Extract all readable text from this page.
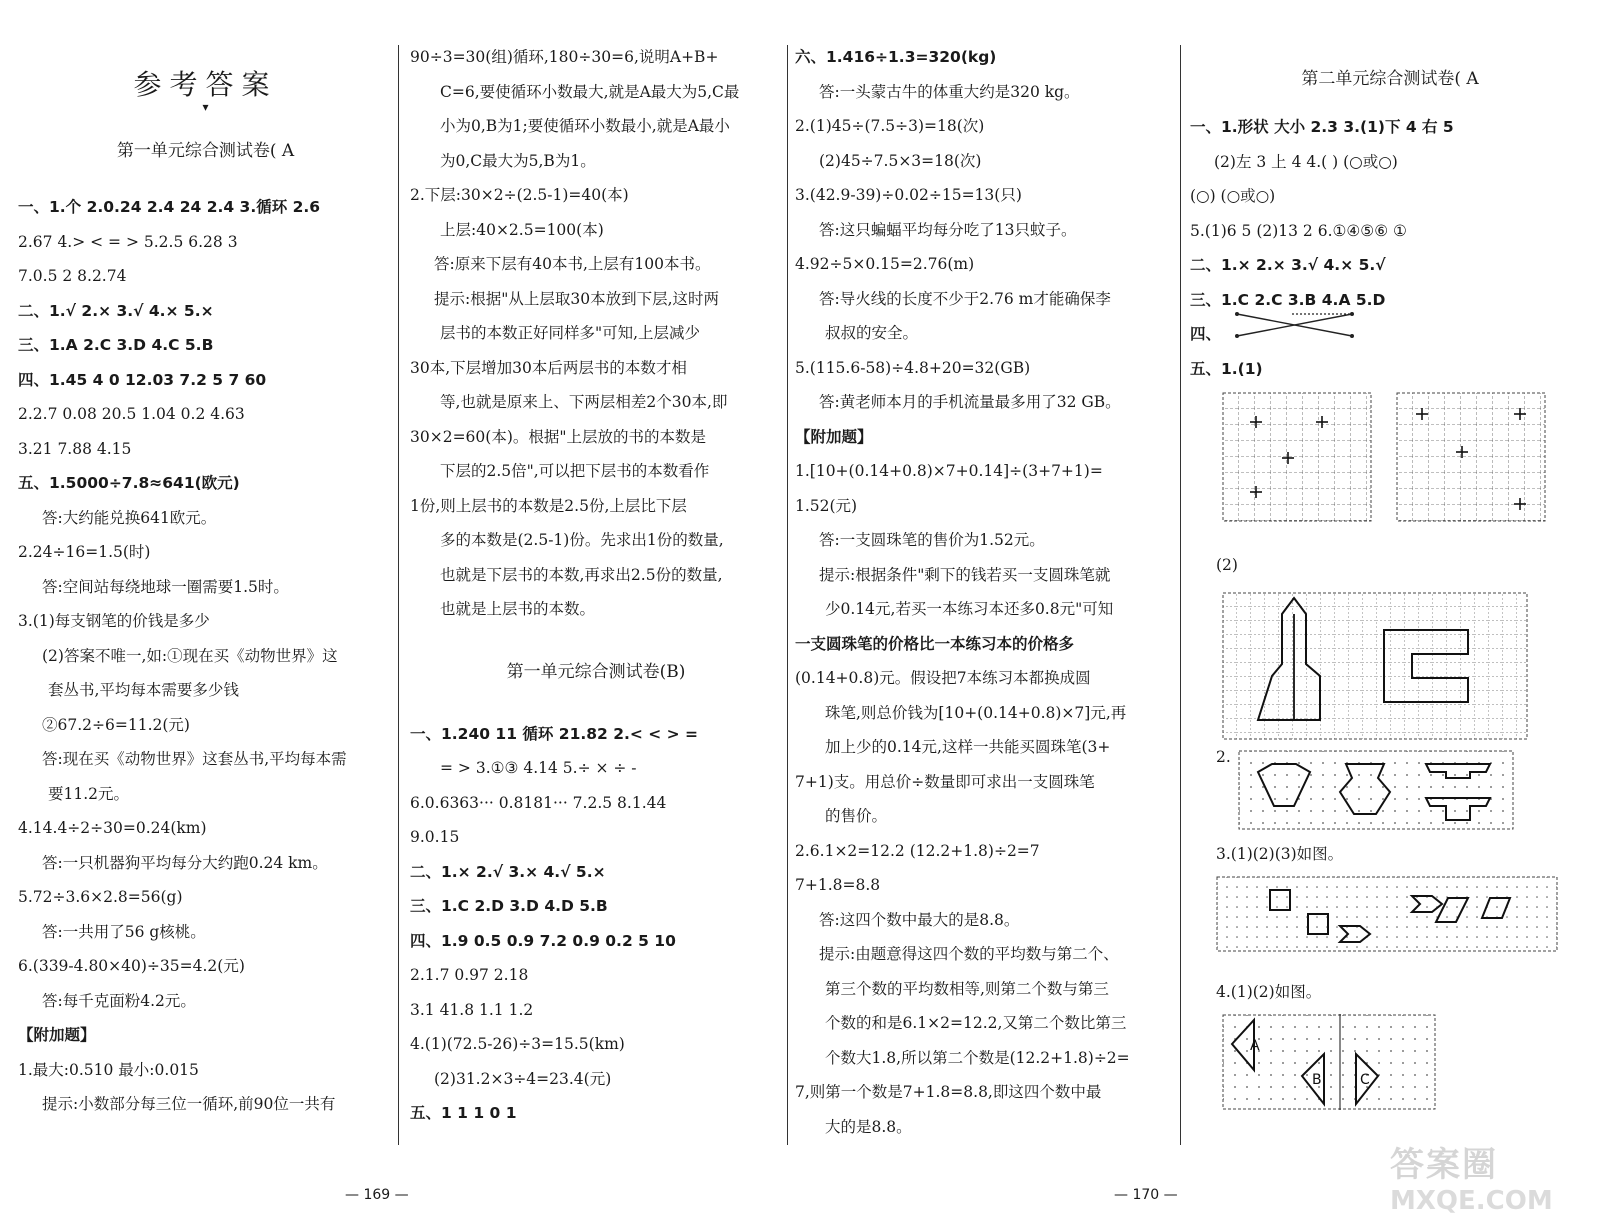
参考答案
▾
第一单元综合测试卷( A
一、1.个 2.0.24 2.4 24 2.4 3.循环 2.6
2.67 4.> < = > 5.2.5 6.28 3
7.0.5 2 8.2.74
二、1.√ 2.× 3.√ 4.× 5.×
三、1.A 2.C 3.D 4.C 5.B
四、1.45 4 0 12.03 7.2 5 7 60
2.2.7 0.08 20.5 1.04 0.2 4.63
3.21 7.88 4.15
五、1.5000÷7.8≈641(欧元)
答:大约能兑换641欧元。
2.24÷16=1.5(时)
答:空间站每绕地球一圈需要1.5时。
3.(1)每支钢笔的价钱是多少
(2)答案不唯一,如:①现在买《动物世界》这
套丛书,平均每本需要多少钱
②67.2÷6=11.2(元)
答:现在买《动物世界》这套丛书,平均每本需
要11.2元。
4.14.4÷2÷30=0.24(km)
答:一只机器狗平均每分大约跑0.24 km。
5.72÷3.6×2.8=56(g)
答:一共用了56 g核桃。
6.(339-4.80×40)÷35=4.2(元)
答:每千克面粉4.2元。
【附加题】
1.最大:0.510 最小:0.015
提示:小数部分每三位一循环,前90位一共有
90÷3=30(组)循环,180÷30=6,说明A+B+
C=6,要使循环小数最大,就是A最大为5,C最
小为0,B为1;要使循环小数最小,就是A最小
为0,C最大为5,B为1。
2.下层:30×2÷(2.5-1)=40(本)
上层:40×2.5=100(本)
答:原来下层有40本书,上层有100本书。
提示:根据"从上层取30本放到下层,这时两
层书的本数正好同样多"可知,上层减少
30本,下层增加30本后两层书的本数才相
等,也就是原来上、下两层相差2个30本,即
30×2=60(本)。根据"上层放的书的本数是
下层的2.5倍",可以把下层书的本数看作
1份,则上层书的本数是2.5份,上层比下层
多的本数是(2.5-1)份。先求出1份的数量,
也就是下层书的本数,再求出2.5份的数量,
也就是上层书的本数。
第一单元综合测试卷(B)
一、1.240 11 循环 21.82 2.< < > =
= > 3.①③ 4.14 5.÷ × ÷ -
6.0.6363··· 0.8181··· 7.2.5 8.1.44
9.0.15
二、1.× 2.√ 3.× 4.√ 5.×
三、1.C 2.D 3.D 4.D 5.B
四、1.9 0.5 0.9 7.2 0.9 0.2 5 10
2.1.7 0.97 2.18
3.1 41.8 1.1 1.2
4.(1)(72.5-26)÷3=15.5(km)
(2)31.2×3÷4=23.4(元)
五、1 1 1 0 1
六、1.416÷1.3=320(kg)
答:一头蒙古牛的体重大约是320 kg。
2.(1)45÷(7.5÷3)=18(次)
(2)45÷7.5×3=18(次)
3.(42.9-39)÷0.02÷15=13(只)
答:这只蝙蝠平均每分吃了13只蚊子。
4.92÷5×0.15=2.76(m)
答:导火线的长度不少于2.76 m才能确保李
叔叔的安全。
5.(115.6-58)÷4.8+20=32(GB)
答:黄老师本月的手机流量最多用了32 GB。
【附加题】
1.[10+(0.14+0.8)×7+0.14]÷(3+7+1)=
1.52(元)
答:一支圆珠笔的售价为1.52元。
提示:根据条件"剩下的钱若买一支圆珠笔就
少0.14元,若买一本练习本还多0.8元"可知
一支圆珠笔的价格比一本练习本的价格多
(0.14+0.8)元。假设把7本练习本都换成圆
珠笔,则总价钱为[10+(0.14+0.8)×7]元,再
加上少的0.14元,这样一共能买圆珠笔(3+
7+1)支。用总价÷数量即可求出一支圆珠笔
的售价。
2.6.1×2=12.2 (12.2+1.8)÷2=7
7+1.8=8.8
答:这四个数中最大的是8.8。
提示:由题意得这四个数的平均数与第二个、
第三个数的平均数相等,则第二个数与第三
个数的和是6.1×2=12.2,又第二个数比第三
个数大1.8,所以第二个数是(12.2+1.8)÷2=
7,则第一个数是7+1.8=8.8,即这四个数中最
大的是8.8。
第二单元综合测试卷( A
一、1.形状 大小 2.3 3.(1)下 4 右 5
(2)左 3 上 4 4.( ) (○或○)
(○) (○或○)
5.(1)6 5 (2)13 2 6.①④⑤⑥ ①
二、1.× 2.× 3.√ 4.× 5.√
三、1.C 2.C 3.B 4.A 5.D
四、
五、1.(1)
A
B	C
— 169 —	— 170 —
答案圈
MXQE.COM
(2)
2.
3.(1)(2)(3)如图。
4.(1)(2)如图。
